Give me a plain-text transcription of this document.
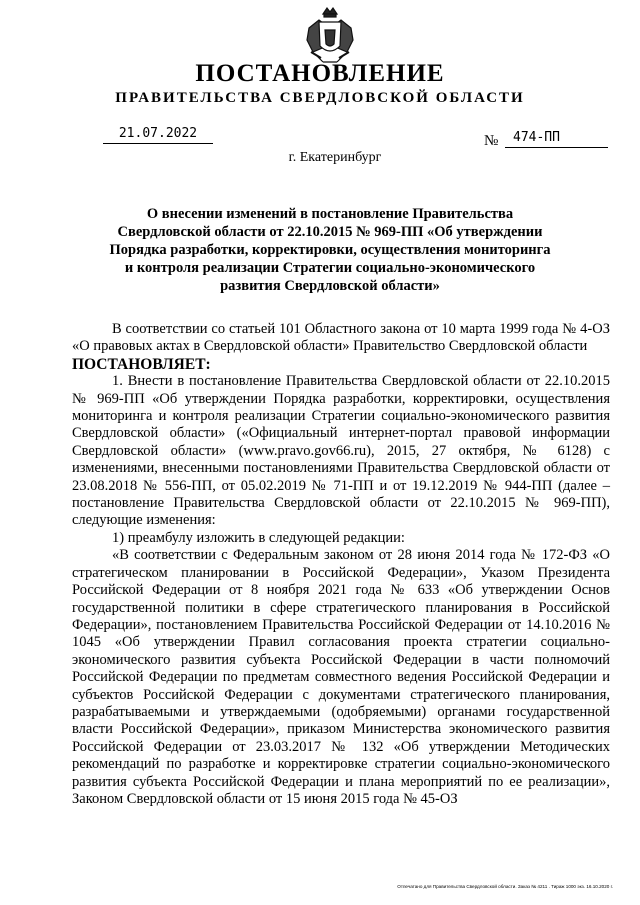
ПОСТАНОВЛЕНИЕ
ПРАВИТЕЛЬСТВА СВЕРДЛОВСКОЙ ОБЛАСТИ
21.07.2022	№	474-ПП
г. Екатеринбург
О внесении изменений в постановление Правительства
Свердловской области от 22.10.2015 № 969-ПП «Об утверждении
Порядка разработки, корректировки, осуществления мониторинга
и контроля реализации Стратегии социально-экономического
развития Свердловской области»

В соответствии со статьей 101 Областного закона от 10 марта 1999 года № 4-ОЗ «О правовых актах в Свердловской области» Правительство Свердловской области

ПОСТАНОВЛЯЕТ:

1. Внести в постановление Правительства Свердловской области от 22.10.2015 № 969-ПП «Об утверждении Порядка разработки, корректировки, осуществления мониторинга и контроля реализации Стратегии социально-экономического развития Свердловской области» («Официальный интернет-портал правовой информации Свердловской области» (www.pravo.gov66.ru), 2015, 27 октября, № 6128) с изменениями, внесенными постановлениями Правительства Свердловской области от 23.08.2018 № 556-ПП, от 05.02.2019 № 71-ПП и от 19.12.2019 № 944-ПП (далее – постановление Правительства Свердловской области от 22.10.2015 № 969-ПП), следующие изменения:

1) преамбулу изложить в следующей редакции:

«В соответствии с Федеральным законом от 28 июня 2014 года № 172-ФЗ «О стратегическом планировании в Российской Федерации», Указом Президента Российской Федерации от 8 ноября 2021 года № 633 «Об утверждении Основ государственной политики в сфере стратегического планирования в Российской Федерации», постановлением Правительства Российской Федерации от 14.10.2016 № 1045 «Об утверждении Правил согласования проекта стратегии социально-экономического развития субъекта Российской Федерации в части полномочий Российской Федерации по предметам совместного ведения Российской Федерации и субъектов Российской Федерации с документами стратегического планирования, разрабатываемыми и утверждаемыми (одобряемыми) органами государственной власти Российской Федерации», приказом Министерства экономического развития Российской Федерации от 23.03.2017 № 132 «Об утверждении Методических рекомендаций по разработке и корректировке стратегии социально-экономического развития субъекта Российской Федерации и плана мероприятий по ее реализации», Законом Свердловской области от 15 июня 2015 года № 45-ОЗ

Отпечатано для Правительства Свердловской области. Заказ № 4211 . Тираж 1000 экз. 16.10.2020 г.
